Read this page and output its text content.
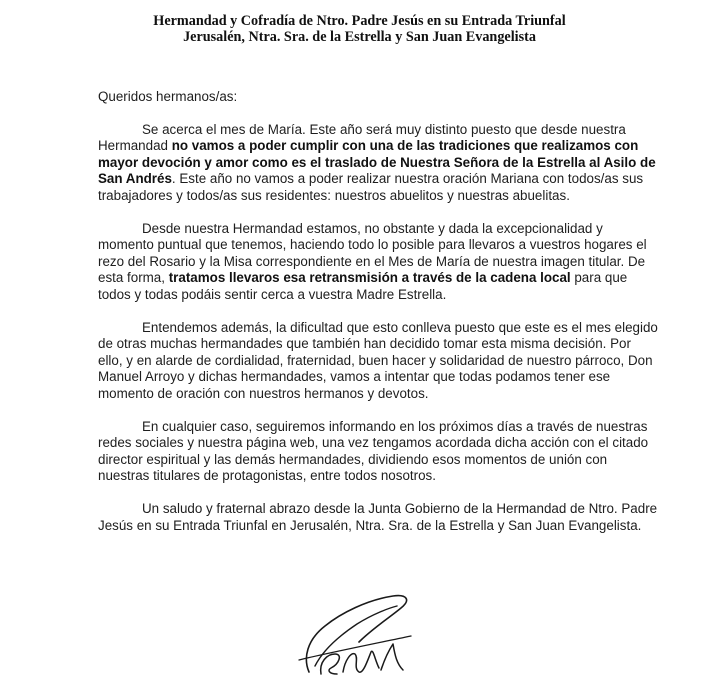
Hermandad y Cofradía de Ntro. Padre Jesús en su Entrada Triunfal
Jerusalén, Ntra. Sra. de la Estrella y San Juan Evangelista

Queridos hermanos/as:

Se acerca el mes de María. Este año será muy distinto puesto que desde nuestra Hermandad no vamos a poder cumplir con una de las tradiciones que realizamos con mayor devoción y amor como es el traslado de Nuestra Señora de la Estrella al Asilo de San Andrés. Este año no vamos a poder realizar nuestra oración Mariana con todos/as sus trabajadores y todos/as sus residentes: nuestros abuelitos y nuestras abuelitas.

Desde nuestra Hermandad estamos, no obstante y dada la excepcionalidad y momento puntual que tenemos, haciendo todo lo posible para llevaros a vuestros hogares el rezo del Rosario y la Misa correspondiente en el Mes de María de nuestra imagen titular. De esta forma, tratamos llevaros esa retransmisión a través de la cadena local para que todos y todas podáis sentir cerca a vuestra Madre Estrella.

Entendemos además, la dificultad que esto conlleva puesto que este es el mes elegido de otras muchas hermandades que también han decidido tomar esta misma decisión. Por ello, y en alarde de cordialidad, fraternidad, buen hacer y solidaridad de nuestro párroco, Don Manuel Arroyo y dichas hermandades, vamos a intentar que todas podamos tener ese momento de oración con nuestros hermanos y devotos.

En cualquier caso, seguiremos informando en los próximos días a través de nuestras redes sociales y nuestra página web, una vez tengamos acordada dicha acción con el citado director espiritual y las demás hermandades, dividiendo esos momentos de unión con nuestras titulares de protagonistas, entre todos nosotros.

Un saludo y fraternal abrazo desde la Junta Gobierno de la Hermandad de Ntro. Padre Jesús en su Entrada Triunfal en Jerusalén, Ntra. Sra. de la Estrella y San Juan Evangelista.
